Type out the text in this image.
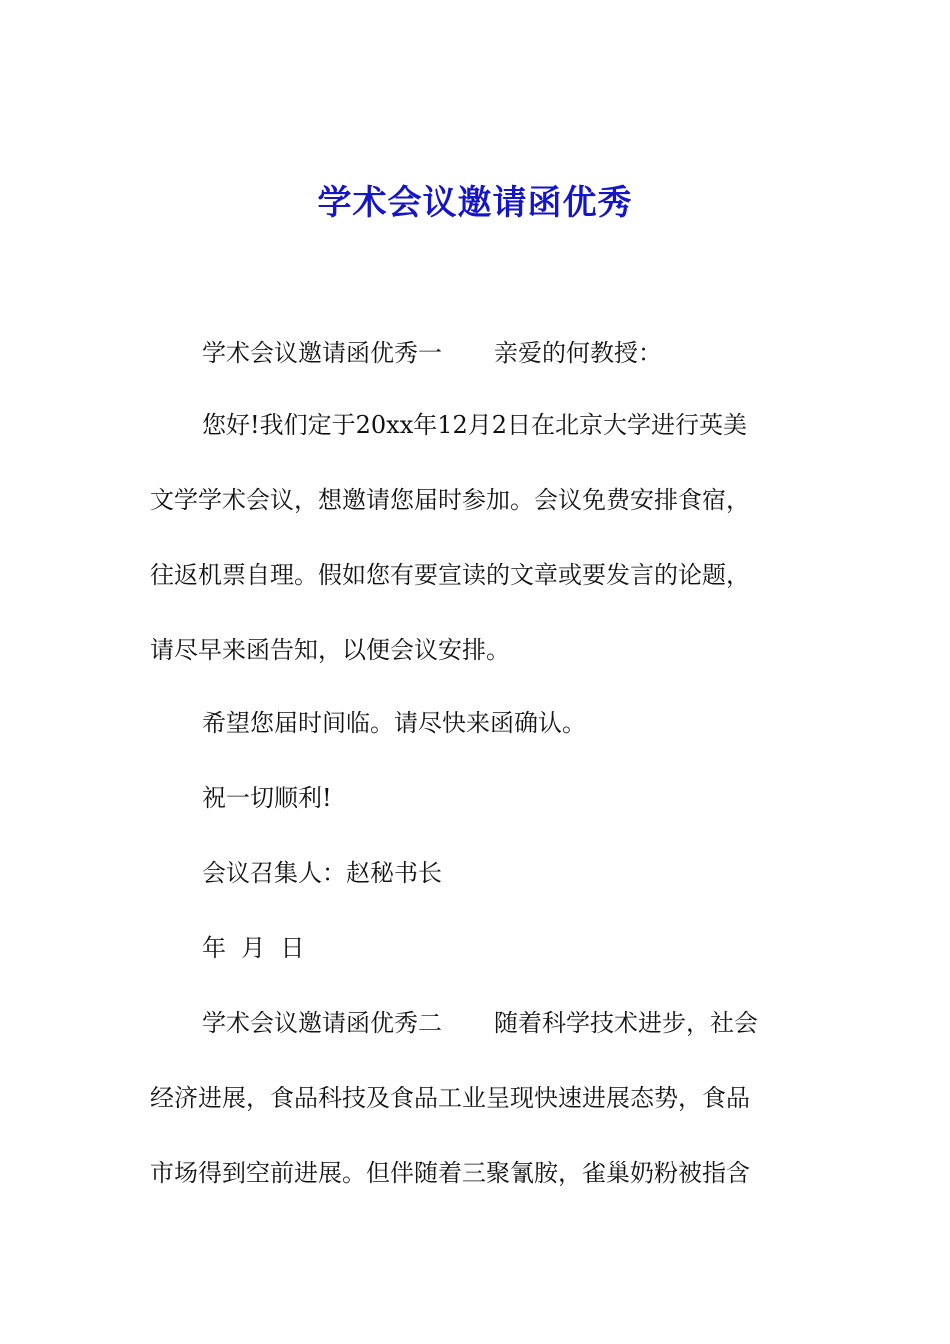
学术会议邀请函优秀
学术会议邀请函优秀一 亲爱的何教授：
您好!我们定于20xx年12月2日在北京大学进行英美
文学学术会议，想邀请您届时参加。会议免费安排食宿，
往返机票自理。假如您有要宣读的文章或要发言的论题，
请尽早来函告知，以便会议安排。
希望您届时间临。请尽快来函确认。
祝一切顺利!
会议召集人：赵秘书长
年  月  日
学术会议邀请函优秀二 随着科学技术进步，社会
经济进展，食品科技及食品工业呈现快速进展态势，食品
市场得到空前进展。但伴随着三聚氰胺，雀巢奶粉被指含
